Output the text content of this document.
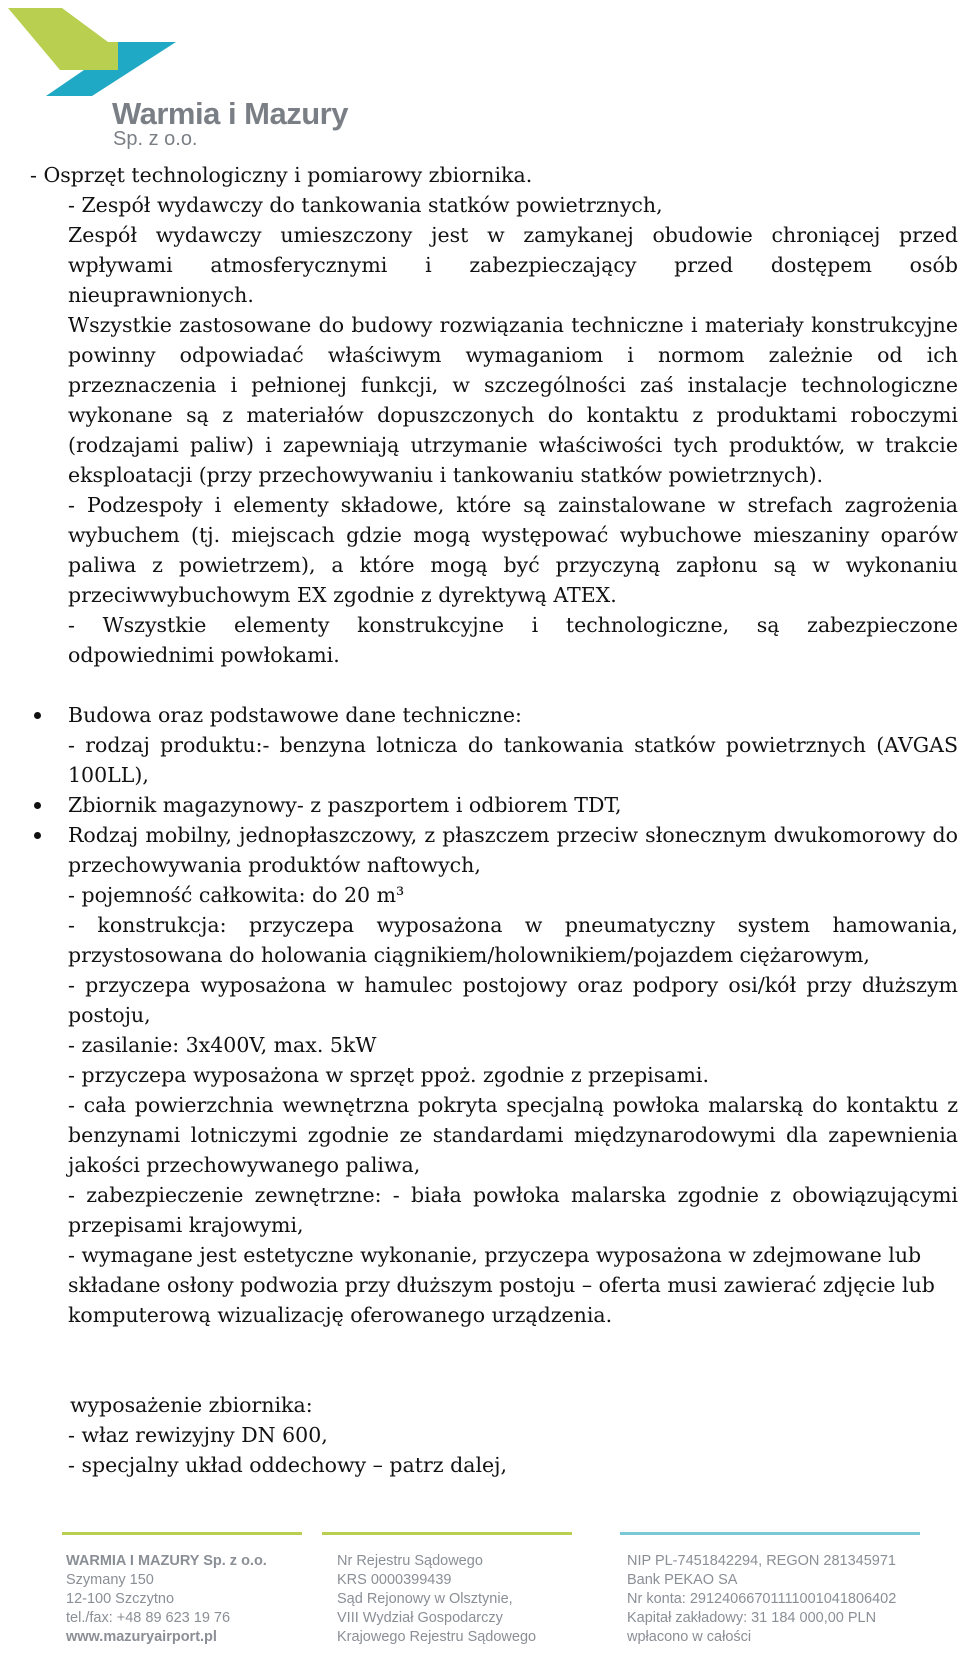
Warmia i Mazury
Sp. z o.o.

- Osprzęt technologiczny i pomiarowy zbiornika.

- Zespół wydawczy do tankowania statków powietrznych,

Zespół wydawczy umieszczony jest w zamykanej obudowie chroniącej przed wpływami atmosferycznymi i zabezpieczający przed dostępem osób nieuprawnionych.

Wszystkie zastosowane do budowy rozwiązania techniczne i materiały konstrukcyjne powinny odpowiadać właściwym wymaganiom i normom zależnie od ich przeznaczenia i pełnionej funkcji, w szczególności zaś instalacje technologiczne wykonane są z materiałów dopuszczonych do kontaktu z produktami roboczymi (rodzajami paliw) i zapewniają utrzymanie właściwości tych produktów, w trakcie eksploatacji (przy przechowywaniu i tankowaniu statków powietrznych).

- Podzespoły i elementy składowe, które są zainstalowane w strefach zagrożenia wybuchem (tj. miejscach gdzie mogą występować wybuchowe mieszaniny oparów paliwa z powietrzem), a które mogą być przyczyną zapłonu są w wykonaniu przeciwwybuchowym EX zgodnie z dyrektywą ATEX.

- Wszystkie elementy konstrukcyjne i technologiczne, są zabezpieczone odpowiednimi powłokami.

Budowa oraz podstawowe dane techniczne:
- rodzaj produktu:- benzyna lotnicza do tankowania statków powietrznych (AVGAS 100LL),
Zbiornik magazynowy- z paszportem i odbiorem TDT,
Rodzaj mobilny, jednopłaszczowy, z płaszczem przeciw słonecznym dwukomorowy do przechowywania produktów naftowych,
- pojemność całkowita: do 20 m³
- konstrukcja: przyczepa wyposażona w pneumatyczny system hamowania, przystosowana do holowania ciągnikiem/holownikiem/pojazdem ciężarowym,
- przyczepa wyposażona w hamulec postojowy oraz podpory osi/kół przy dłuższym postoju,
- zasilanie: 3x400V, max. 5kW
- przyczepa wyposażona w sprzęt ppoż. zgodnie z przepisami.
- cała powierzchnia wewnętrzna pokryta specjalną powłoka malarską do kontaktu z benzynami lotniczymi zgodnie ze standardami międzynarodowymi dla zapewnienia jakości przechowywanego paliwa,
- zabezpieczenie zewnętrzne: - biała powłoka malarska zgodnie z obowiązującymi przepisami krajowymi,
- wymagane jest estetyczne wykonanie, przyczepa wyposażona w zdejmowane lub składane osłony podwozia przy dłuższym postoju – oferta musi zawierać zdjęcie lub komputerową wizualizację oferowanego urządzenia.

wyposażenie zbiornika:

- właz rewizyjny DN 600,

- specjalny układ oddechowy – patrz dalej,

WARMIA I MAZURY Sp. z o.o.
Szymany 150
12-100 Szczytno
tel./fax: +48 89 623 19 76
www.mazuryairport.pl
Nr Rejestru Sądowego
KRS 0000399439
Sąd Rejonowy w Olsztynie,
VIII Wydział Gospodarczy
Krajowego Rejestru Sądowego
NIP PL-7451842294, REGON 281345971
Bank PEKAO SA
Nr konta: 29124066701111001041806402
Kapitał zakładowy: 31 184 000,00 PLN
wpłacono w całości
